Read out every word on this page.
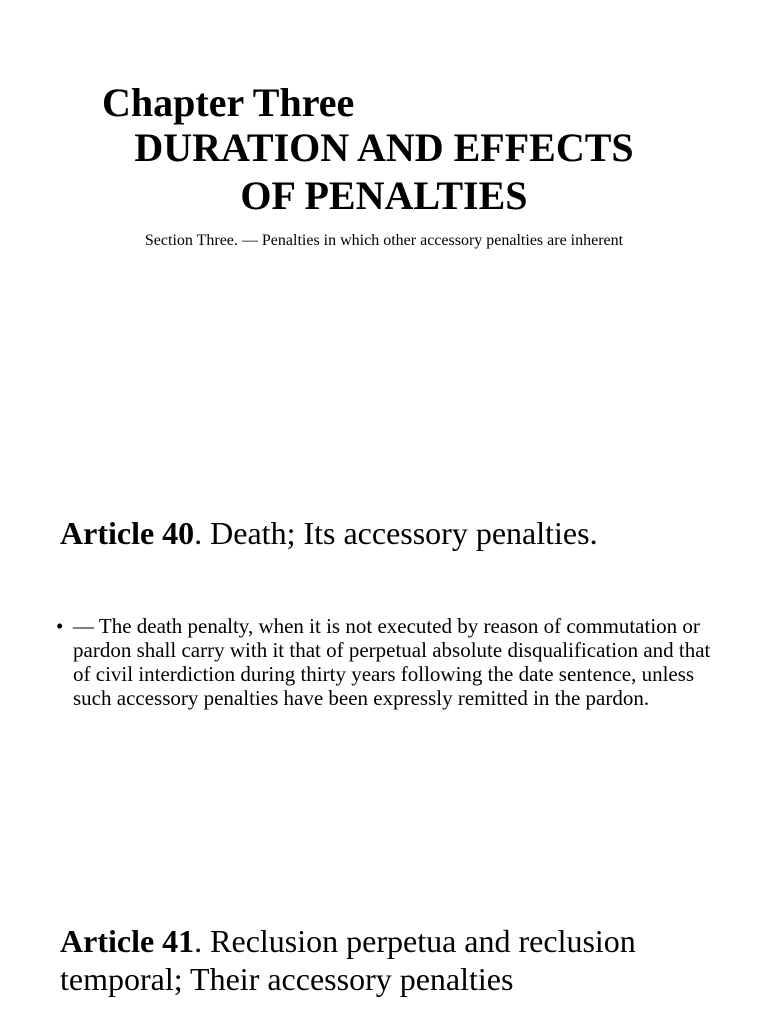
Chapter Three
DURATION AND EFFECTS
OF PENALTIES
Section Three. — Penalties in which other accessory penalties are inherent
Article 40. Death; Its accessory penalties.
• — The death penalty, when it is not executed by reason of commutation or pardon shall carry with it that of perpetual absolute disqualification and that of civil interdiction during thirty years following the date sentence, unless such accessory penalties have been expressly remitted in the pardon.
Article 41. Reclusion perpetua and reclusion temporal; Their accessory penalties
